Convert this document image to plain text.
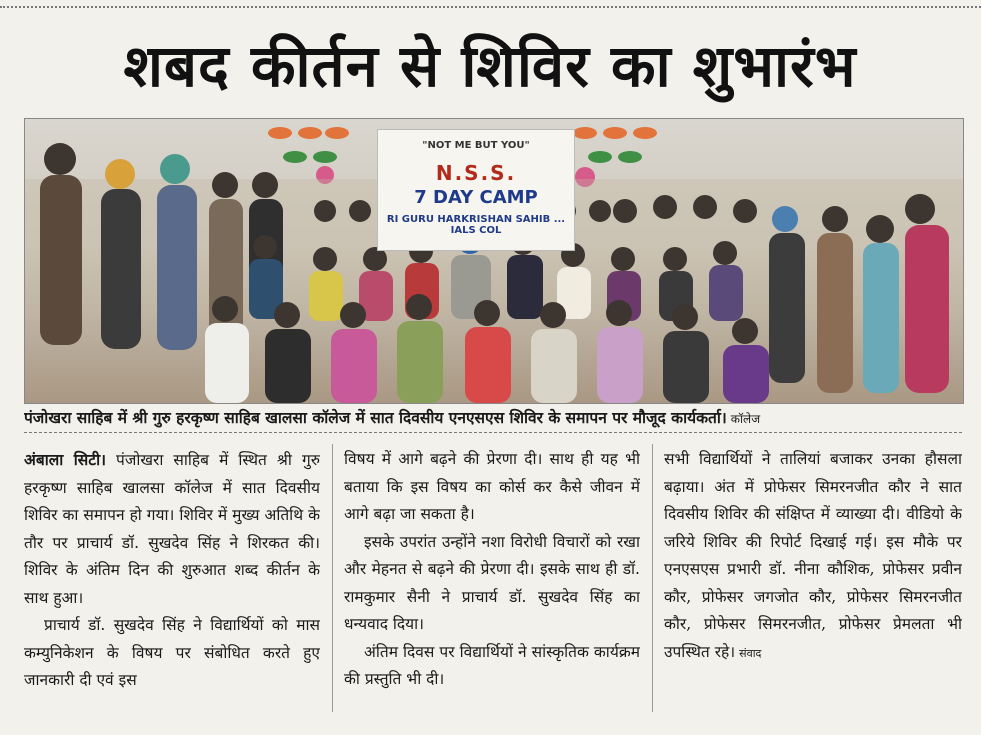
शबद कीर्तन से शिविर का शुभारंभ
"NOT ME BUT YOU"
N.S.S.
7 DAY CAMP
RI GURU HARKRISHAN SAHIB ... IALS COL
पंजोखरा साहिब में श्री गुरु हरकृष्ण साहिब खालसा कॉलेज में सात दिवसीय एनएसएस शिविर के समापन पर मौजूद कार्यकर्ता। कॉलेज

अंबाला सिटी। पंजोखरा साहिब में स्थित श्री गुरु हरकृष्ण साहिब खालसा कॉलेज में सात दिवसीय शिविर का समापन हो गया। शिविर में मुख्य अतिथि के तौर पर प्राचार्य डॉ. सुखदेव सिंह ने शिरकत की। शिविर के अंतिम दिन की शुरुआत शब्द कीर्तन के साथ हुआ।

प्राचार्य डॉ. सुखदेव सिंह ने विद्यार्थियों को मास कम्युनिकेशन के विषय पर संबोधित करते हुए जानकारी दी एवं इस

विषय में आगे बढ़ने की प्रेरणा दी। साथ ही यह भी बताया कि इस विषय का कोर्स कर कैसे जीवन में आगे बढ़ा जा सकता है।

इसके उपरांत उन्होंने नशा विरोधी विचारों को रखा और मेहनत से बढ़ने की प्रेरणा दी। इसके साथ ही डॉ. रामकुमार सैनी ने प्राचार्य डॉ. सुखदेव सिंह का धन्यवाद दिया।

अंतिम दिवस पर विद्यार्थियों ने सांस्कृतिक कार्यक्रम की प्रस्तुति भी दी।

सभी विद्यार्थियों ने तालियां बजाकर उनका हौसला बढ़ाया। अंत में प्रोफेसर सिमरनजीत कौर ने सात दिवसीय शिविर की संक्षिप्त में व्याख्या दी। वीडियो के जरिये शिविर की रिपोर्ट दिखाई गई। इस मौके पर एनएसएस प्रभारी डॉ. नीना कौशिक, प्रोफेसर प्रवीन कौर, प्रोफेसर जगजोत कौर, प्रोफेसर सिमरनजीत कौर, प्रोफेसर सिमरनजीत, प्रोफेसर प्रेमलता भी उपस्थित रहे। संवाद
